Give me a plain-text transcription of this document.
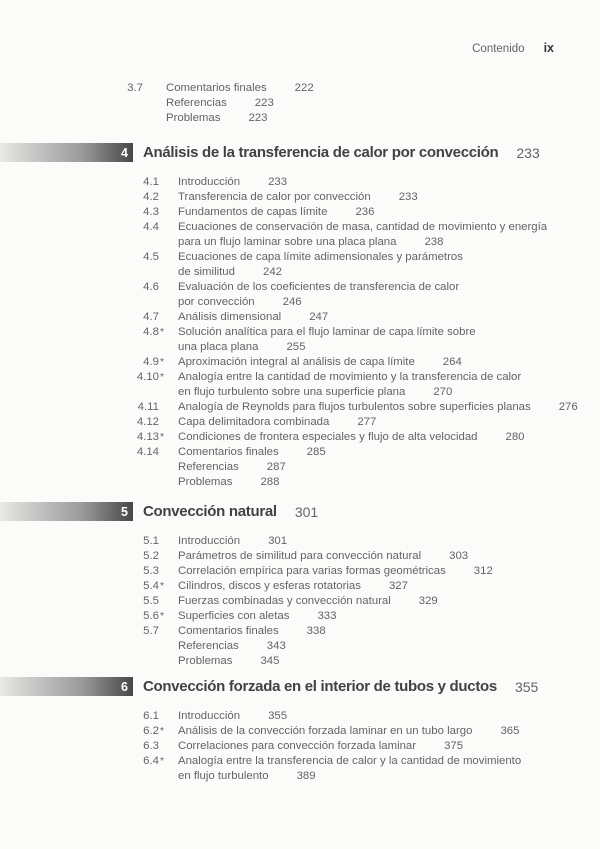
Contenido ix
3.7 Comentarios finales 222
Referencias 223
Problemas 223
4	Análisis de la transferencia de calor por convección 233
4.1 Introducción 233
4.2 Transferencia de calor por convección 233
4.3 Fundamentos de capas límite 236
4.4 Ecuaciones de conservación de masa, cantidad de movimiento y energía
para un flujo laminar sobre una placa plana 238
4.5 Ecuaciones de capa límite adimensionales y parámetros
de similitud 242
4.6 Evaluación de los coeficientes de transferencia de calor
por convección 246
4.7 Análisis dimensional 247
4.8 *	Solución analítica para el flujo laminar de capa límite sobre
una placa plana 255
4.9 *	Aproximación integral al análisis de capa límite 264
4.10 *	Analogía entre la cantidad de movimiento y la transferencia de calor
en flujo turbulento sobre una superficie plana 270
4.11 Analogía de Reynolds para flujos turbulentos sobre superficies planas 276
4.12 Capa delimitadora combinada 277
4.13 *	Condiciones de frontera especiales y flujo de alta velocidad 280
4.14 Comentarios finales 285
Referencias 287
Problemas 288
5	Convección natural 301
5.1 Introducción 301
5.2 Parámetros de similitud para convección natural 303
5.3 Correlación empírica para varias formas geométricas 312
5.4 *	Cilindros, discos y esferas rotatorias 327
5.5 Fuerzas combinadas y convección natural 329
5.6 *	Superficies con aletas 333
5.7 Comentarios finales 338
Referencias 343
Problemas 345
6	Convección forzada en el interior de tubos y ductos 355
6.1 Introducción 355
6.2 *	Análisis de la convección forzada laminar en un tubo largo 365
6.3 Correlaciones para convección forzada laminar 375
6.4 *	Analogía entre la transferencia de calor y la cantidad de movimiento
en flujo turbulento 389
